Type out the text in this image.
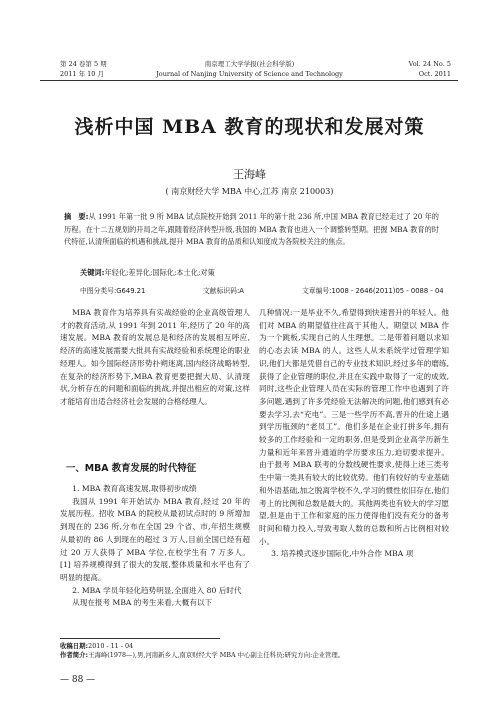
第 24 卷第 5 期
2011 年 10 月
南京理工大学学报(社会科学版)
Journal of Nanjing University of Science and Technology
Vol. 24 No. 5
Oct. 2011
浅析中国 MBA 教育的现状和发展对策
王海峰
( 南京财经大学 MBA 中心,江苏 南京 210003)
摘　要:从 1991 年第一批 9 所 MBA 试点院校开始到 2011 年的第十批 236 所,中国 MBA 教育已经走过了 20 年的历程。在十二五规划的开局之年,跟随着经济转型升级,我国的 MBA 教育也进入一个调整转型期。把握 MBA 教育的时代特征,认清所面临的机遇和挑战,提升 MBA 教育的品质和认知度成为各院校关注的焦点。
关键词:年轻化;差异化;国际化;本土化;对策
中图分类号:G649.21	文献标识码:A	文章编号:1008 - 2646(2011)05 - 0088 - 04

MBA 教育作为培养具有实战经验的企业高级管理人才的教育活动,从 1991 年到 2011 年,经历了 20 年的高速发展。MBA 教育的发展总是和经济的发展相互呼应,经济的高速发展需要大批具有实战经验和系统理论的职业经理人。如今国际经济形势扑朔迷离,国内经济战略转型,在复杂的经济形势下,MBA 教育更要把握大局、认清现状,分析存在的问题和面临的挑战,并提出相应的对策,这样才能培育出适合经济社会发展的合格经理人。

一、MBA 教育发展的时代特征

1. MBA 教育高速发展,取得初步成绩

我国从 1991 年开始试办 MBA 教育,经过 20 年的发展历程。招收 MBA 的院校从最初试点时的 9 所增加到现在的 236 所,分布在全国 29 个省、市,年招生规模从最初的 86 人到现在的超过 3 万人,目前全国已经有超过 20 万人获得了 MBA 学位,在校学生有 7 万多人。[1] 培养规模得到了很大的发展,整体质量和水平也有了明显的提高。

2. MBA 学员年轻化趋势明显,全面进入 80 后时代

从现在报考 MBA 的考生来看,大概有以下

几种情况:一是毕业不久,希望得到快速晋升的年轻人。他们对 MBA 的期望值往往高于其他人。期望以 MBA 作为一个跳板,实现自己的人生理想。二是带着问题以求知的心态去读 MBA 的人。这些人从未系统学过管理学知识,他们大都是凭借自己的专业技术知识,经过多年的磨练,获得了企业管理的职位,并且在实践中取得了一定的成效,同时,这些企业管理人员在实际的管理工作中也遇到了许多问题,遇到了许多凭经验无法解决的问题,他们感到有必要去学习,去“充电”。三是一些学历不高,晋升的仕途上遇到学历瓶颈的“老员工”。他们多是在企业打拼多年,拥有较多的工作经验和一定的职务,但是受到企业高学历新生力量和近年来晋升通道的学历要求压力,迫切要求提升。由于报考 MBA 联考的分数线硬性要求,使得上述三类考生中第一类具有较大的比较优势。他们有较好的专业基础和外语基础,加之脱离学校不久,学习的惯性依旧存在,他们考上的比例和总数是最大的。其他两类也有较大的学习愿望,但是由于工作和家庭的压力使得他们没有充分的备考时间和精力投入,导致考取人数的总数和所占比例相对较小。

3. 培养模式逐步国际化,中外合作 MBA 项

收稿日期:2010 - 11 - 04
作者简介:王海峰(1978—),男,河南新乡人,南京财经大学 MBA 中心副主任科员;研究方向:企业管理。
— 88 —
